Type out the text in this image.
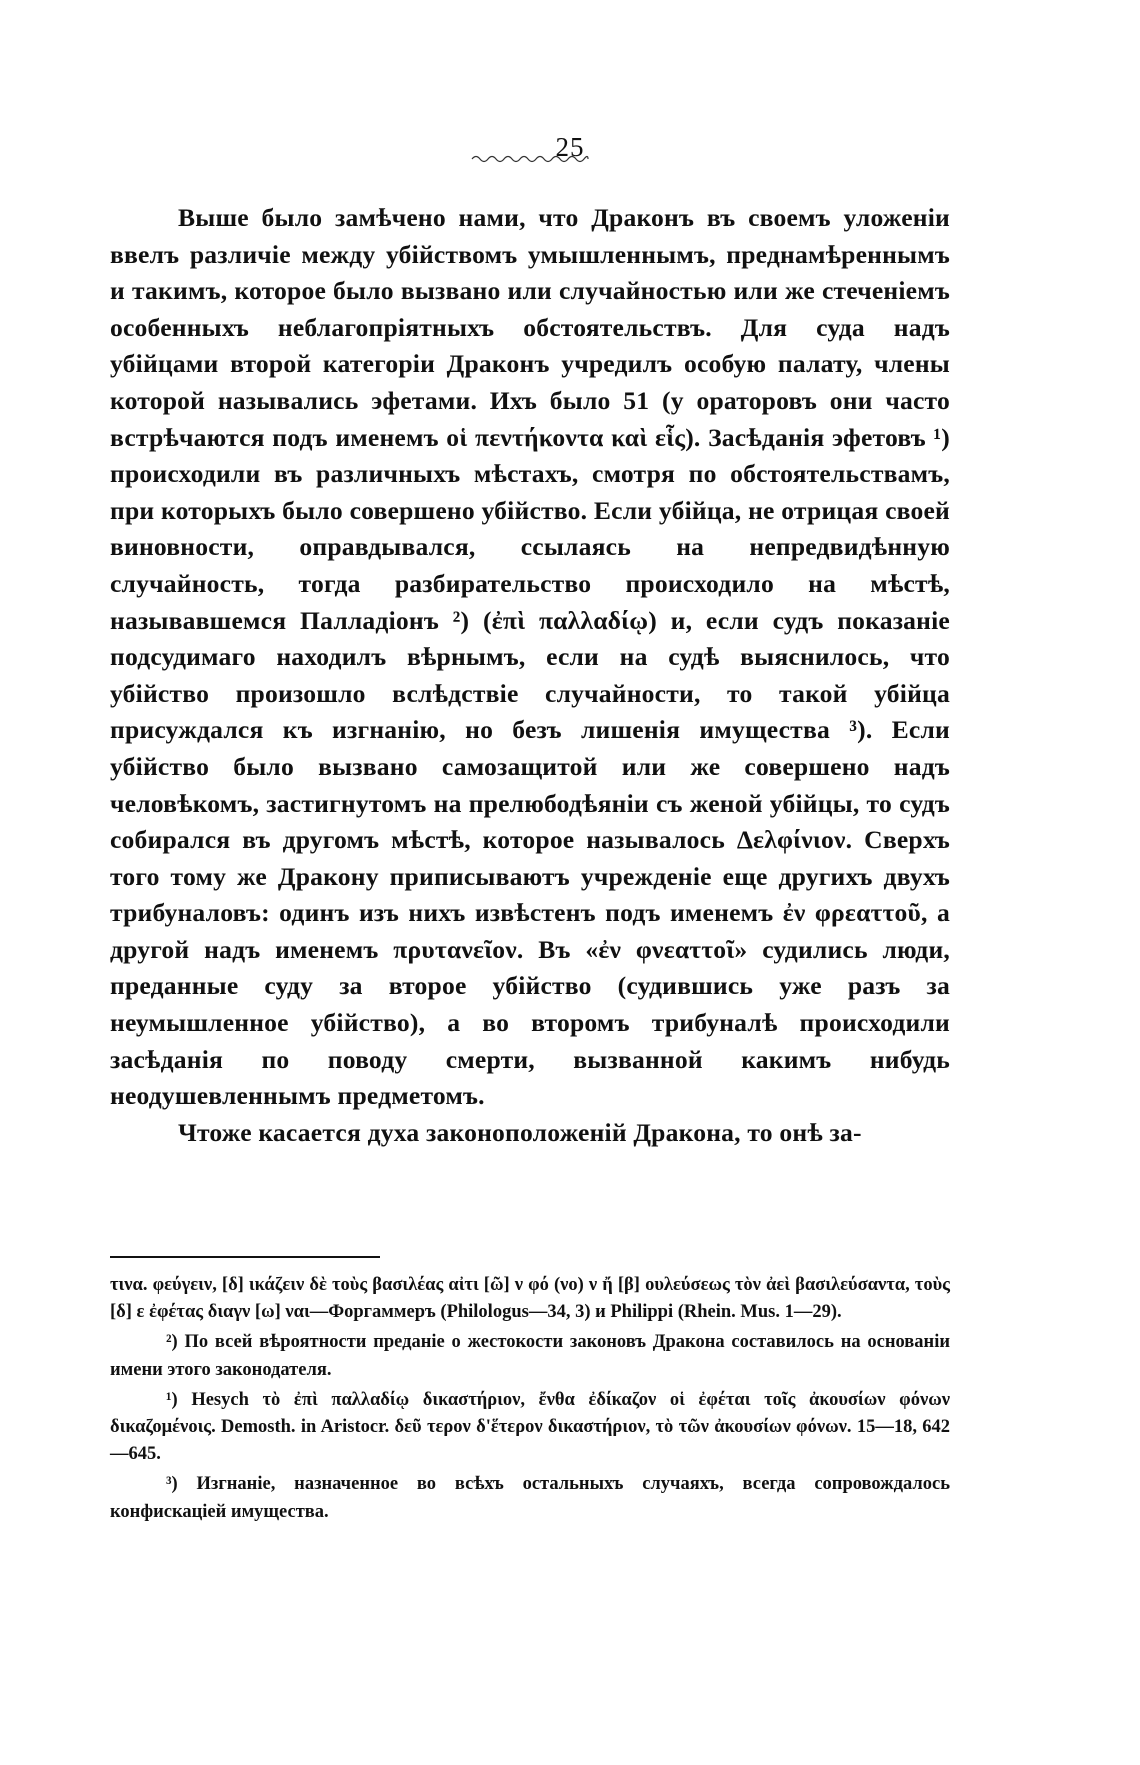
25

Выше было замѣчено нами, что Драконъ въ своемъ уложеніи ввелъ различіе между убійствомъ умышленнымъ, преднамѣреннымъ и такимъ, которое было вызвано или случайностью или же стеченіемъ особенныхъ неблагопріятныхъ обстоятельствъ. Для суда надъ убійцами второй категоріи Драконъ учредилъ особую палату, члены которой назывались эфетами. Ихъ было 51 (у ораторовъ они часто встрѣчаются подъ именемъ οἱ πεντήκοντα καὶ εἷς). Засѣданія эфетовъ ¹) происходили въ различныхъ мѣстахъ, смотря по обстоятельствамъ, при которыхъ было совершено убійство. Если убійца, не отрицая своей виновности, оправдывался, ссылаясь на непредвидѣнную случайность, тогда разбирательство происходило на мѣстѣ, называвшемся Палладіонъ ²) (ἐπὶ παλλαδίῳ) и, если судъ показаніе подсудимаго находилъ вѣрнымъ, если на судѣ выяснилось, что убійство произошло вслѣдствіе случайности, то такой убійца присуждался къ изгнанію, но безъ лишенія имущества ³). Если убійство было вызвано самозащитой или же совершено надъ человѣкомъ, застигнутомъ на прелюбодѣяніи съ женой убійцы, то судъ собирался въ другомъ мѣстѣ, которое называлось Δελφίνιον. Сверхъ того тому же Дракону приписываютъ учрежденіе еще другихъ двухъ трибуналовъ: одинъ изъ нихъ извѣстенъ подъ именемъ ἐν φρεαττοῦ, а другой надъ именемъ πρυτανεῖον. Въ «ἐν φνεαττοῖ» судились люди, преданные суду за второе убійство (судившись уже разъ за неумышленное убійство), а во второмъ трибуналѣ происходили засѣданія по поводу смерти, вызванной какимъ нибудь неодушевленнымъ предметомъ.

Чтоже касается духа законоположеній Дракона, то онѣ за-

τινα. φεύγειν, [δ] ικάζειν δὲ τοὺς βασιλέας αἰτι [ῶ] ν φό (νο) ν ἤ [β] ουλεύσεως τὸν ἀεὶ βασιλεύσαντα, τοὺς [δ] ε ἐφέτας διαγν [ω] ναι—Форгаммеръ (Philologus—34, 3) и Philippi (Rhein. Mus. 1—29).

²) По всей вѣроятности преданіе о жестокости законовъ Дракона составилось на основаніи имени этого законодателя.

¹) Hesych τὸ ἐπὶ παλλαδίῳ δικαστήριον, ἔνθα ἐδίκαζον οἱ ἐφέται τοῖς ἀκουσίων φόνων δικαζομένοις. Demosth. in Aristocr. δεῦ τερον δ'ἕτερον δικαστήριον, τὸ τῶν ἀκουσίων φόνων. 15—18, 642—645.

³) Изгнаніе, назначенное во всѣхъ остальныхъ случаяхъ, всегда сопровождалось конфискаціей имущества.
